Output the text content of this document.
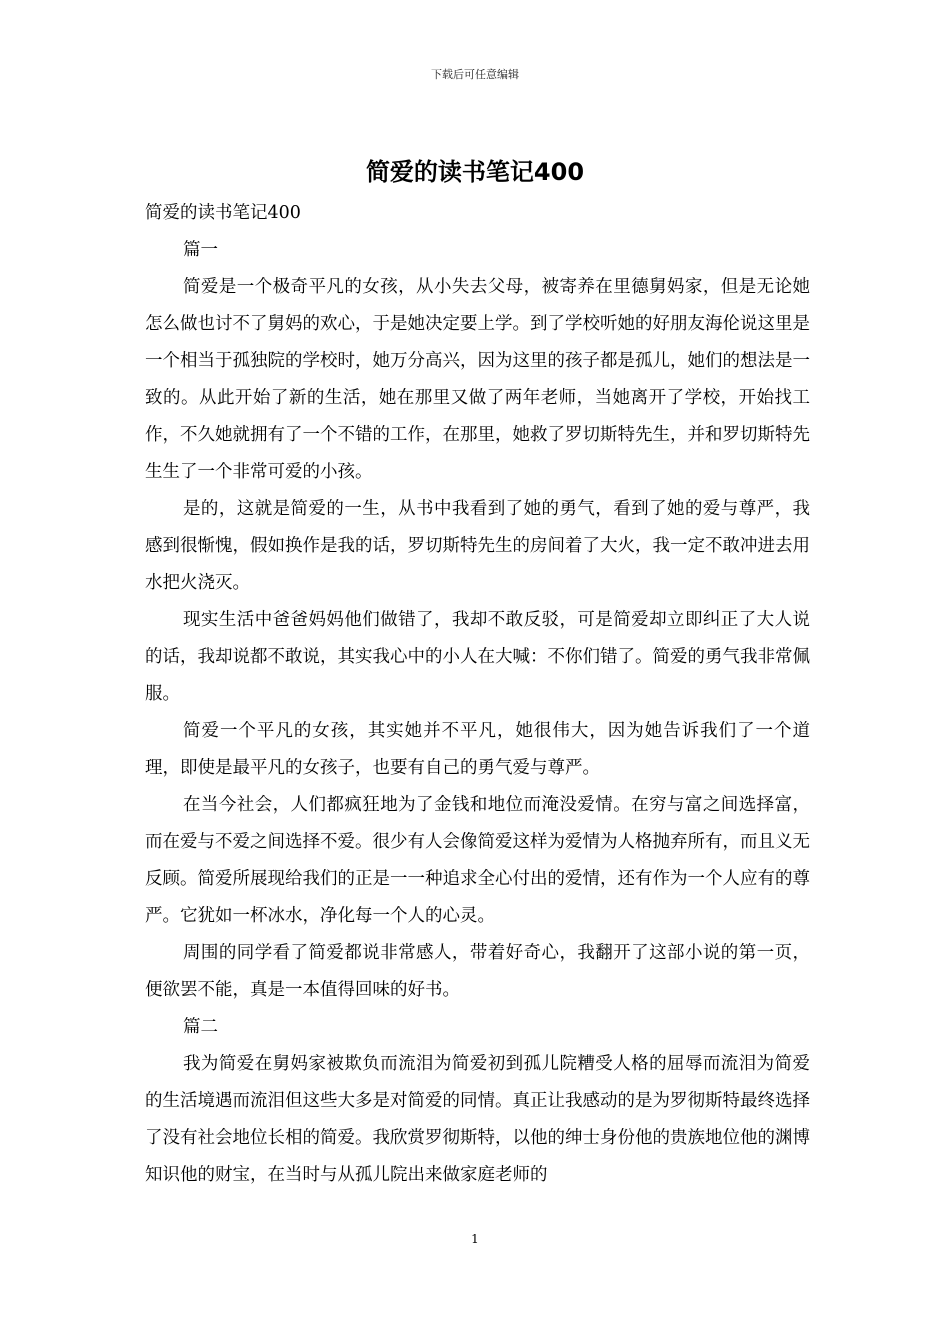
下载后可任意编辑
简爱的读书笔记400

简爱的读书笔记400

篇一

简爱是一个极奇平凡的女孩，从小失去父母，被寄养在里德舅妈家，但是无论她怎么做也讨不了舅妈的欢心，于是她决定要上学。到了学校听她的好朋友海伦说这里是一个相当于孤独院的学校时，她万分高兴，因为这里的孩子都是孤儿，她们的想法是一致的。从此开始了新的生活，她在那里又做了两年老师，当她离开了学校，开始找工作，不久她就拥有了一个不错的工作，在那里，她救了罗切斯特先生，并和罗切斯特先生生了一个非常可爱的小孩。

是的，这就是简爱的一生，从书中我看到了她的勇气，看到了她的爱与尊严，我感到很惭愧，假如换作是我的话，罗切斯特先生的房间着了大火，我一定不敢冲进去用水把火浇灭。

现实生活中爸爸妈妈他们做错了，我却不敢反驳，可是简爱却立即纠正了大人说的话，我却说都不敢说，其实我心中的小人在大喊：不你们错了。简爱的勇气我非常佩服。

简爱一个平凡的女孩，其实她并不平凡，她很伟大，因为她告诉我们了一个道理，即使是最平凡的女孩子，也要有自己的勇气爱与尊严。

在当今社会，人们都疯狂地为了金钱和地位而淹没爱情。在穷与富之间选择富，而在爱与不爱之间选择不爱。很少有人会像简爱这样为爱情为人格抛弃所有，而且义无反顾。简爱所展现给我们的正是一一种追求全心付出的爱情，还有作为一个人应有的尊严。它犹如一杯冰水，净化每一个人的心灵。

周围的同学看了简爱都说非常感人，带着好奇心，我翻开了这部小说的第一页，便欲罢不能，真是一本值得回味的好书。

篇二

我为简爱在舅妈家被欺负而流泪为简爱初到孤儿院糟受人格的屈辱而流泪为简爱的生活境遇而流泪但这些大多是对简爱的同情。真正让我感动的是为罗彻斯特最终选择了没有社会地位长相的简爱。我欣赏罗彻斯特，以他的绅士身份他的贵族地位他的渊博知识他的财宝，在当时与从孤儿院出来做家庭老师的

1
